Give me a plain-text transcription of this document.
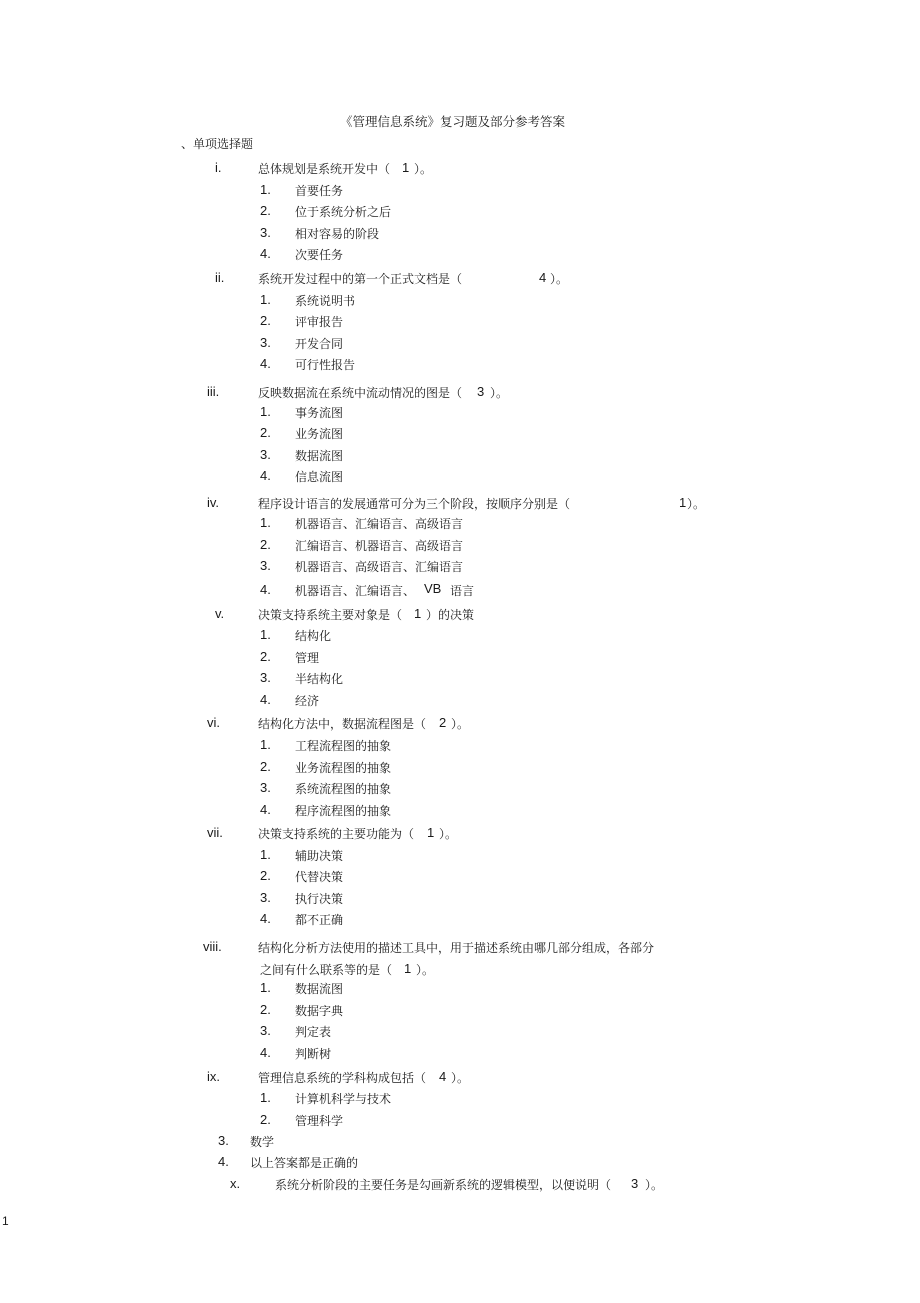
《管理信息系统》复习题及部分参考答案
、单项选择题
i.	总体规划是系统开发中（ 1 ）。
1. 首要任务
2. 位于系统分析之后
3. 相对容易的阶段
4. 次要任务
ii.	系统开发过程中的第一个正式文档是（	4 ）。
1. 系统说明书
2. 评审报告
3. 开发合同
4. 可行性报告
iii.	反映数据流在系统中流动情况的图是（ 3 ）。
1. 事务流图
2. 业务流图
3. 数据流图
4. 信息流图
iv.	程序设计语言的发展通常可分为三个阶段，按顺序分别是（	1 ）。
1. 机器语言、汇编语言、高级语言
2. 汇编语言、机器语言、高级语言
3. 机器语言、高级语言、汇编语言
4. 机器语言、汇编语言、 VB 语言
v.	决策支持系统主要对象是（ 1 ）的决策
1. 结构化
2. 管理
3. 半结构化
4. 经济
vi.	结构化方法中，数据流程图是（ 2 ）。
1. 工程流程图的抽象
2. 业务流程图的抽象
3. 系统流程图的抽象
4. 程序流程图的抽象
vii.	决策支持系统的主要功能为（ 1 ）。
1. 辅助决策
2. 代替决策
3. 执行决策
4. 都不正确
viii.	结构化分析方法使用的描述工具中，用于描述系统由哪几部分组成，各部分
之间有什么联系等的是（ 1 ）。
1. 数据流图
2. 数据字典
3. 判定表
4. 判断树
ix.	管理信息系统的学科构成包括（ 4 ）。
1. 计算机科学与技术
2. 管理科学
3. 数学
4. 以上答案都是正确的
x.	系统分析阶段的主要任务是勾画新系统的逻辑模型，以便说明（ 3 ）。
1
